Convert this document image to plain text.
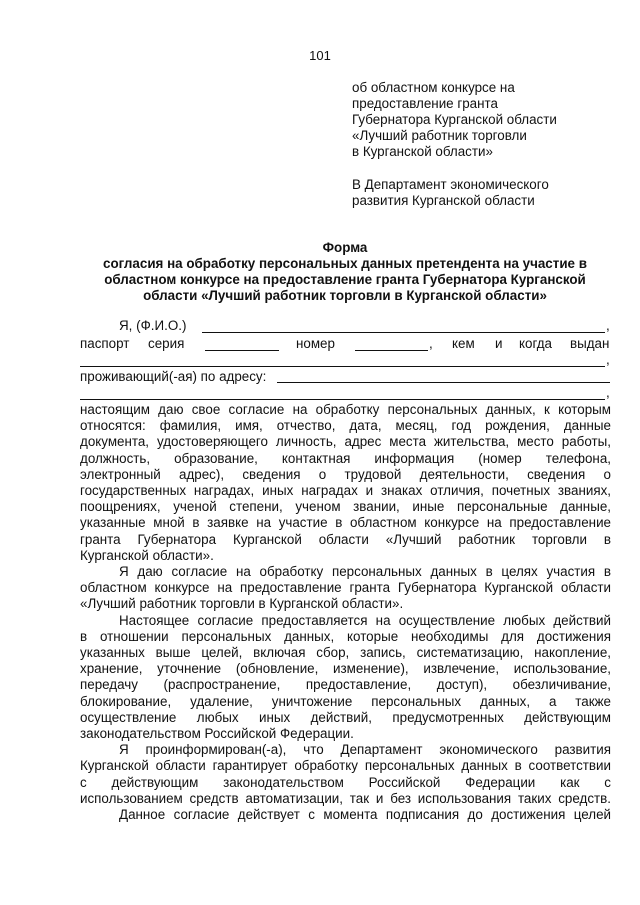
101
об областном конкурсе на
предоставление гранта
Губернатора Курганской области
«Лучший работник торговли
в Курганской области»
В Департамент экономического
развития Курганской области
Форма
согласия на обработку персональных данных претендента на участие в
областном конкурсе на предоставление гранта Губернатора Курганской
области «Лучший работник торговли в Курганской области»
Я, (Ф.И.О.)	,
паспорт серия	номер	, кем и когда выдан
,
проживающий(-ая) по адресу:
,
настоящим даю свое согласие на обработку персональных данных, к которым
относятся: фамилия, имя, отчество, дата, месяц, год рождения, данные
документа, удостоверяющего личность, адрес места жительства, место работы,
должность, образование, контактная информация (номер телефона,
электронный адрес), сведения о трудовой деятельности, сведения о
государственных наградах, иных наградах и знаках отличия, почетных званиях,
поощрениях, ученой степени, ученом звании, иные персональные данные,
указанные мной в заявке на участие в областном конкурсе на предоставление
гранта Губернатора Курганской области «Лучший работник торговли в
Курганской области».
Я даю согласие на обработку персональных данных в целях участия в
областном конкурсе на предоставление гранта Губернатора Курганской области
«Лучший работник торговли в Курганской области».
Настоящее согласие предоставляется на осуществление любых действий
в отношении персональных данных, которые необходимы для достижения
указанных выше целей, включая сбор, запись, систематизацию, накопление,
хранение, уточнение (обновление, изменение), извлечение, использование,
передачу (распространение, предоставление, доступ), обезличивание,
блокирование, удаление, уничтожение персональных данных, а также
осуществление любых иных действий, предусмотренных действующим
законодательством Российской Федерации.
Я проинформирован(-а), что Департамент экономического развития
Курганской области гарантирует обработку персональных данных в соответствии
с действующим законодательством Российской Федерации как с
использованием средств автоматизации, так и без использования таких средств.
Данное согласие действует с момента подписания до достижения целей
